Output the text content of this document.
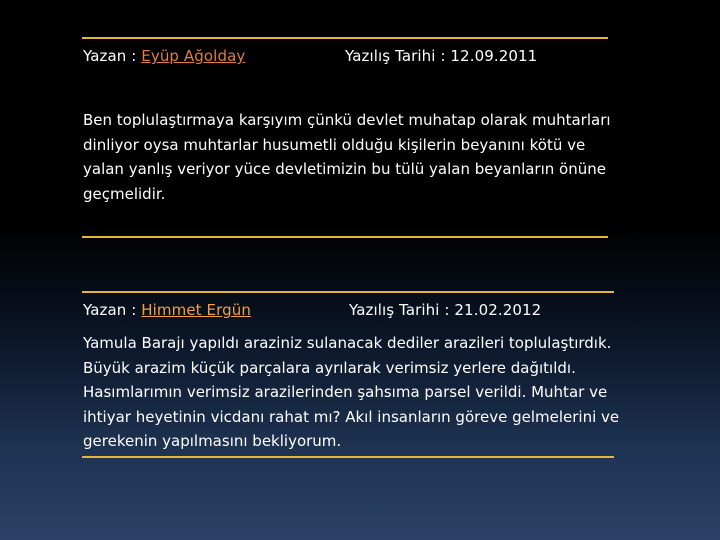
Yazan : Eyüp Ağolday	Yazılış Tarihi : 12.09.2011
Ben toplulaştırmaya karşıyım çünkü devlet muhatap olarak muhtarları
dinliyor oysa muhtarlar husumetli olduğu kişilerin beyanını kötü ve
yalan yanlış veriyor yüce devletimizin bu tülü yalan beyanların önüne
geçmelidir.
Yazan : Himmet Ergün	Yazılış Tarihi : 21.02.2012
Yamula Barajı yapıldı araziniz sulanacak dediler arazileri toplulaştırdık.
Büyük arazim küçük parçalara ayrılarak verimsiz yerlere dağıtıldı.
Hasımlarımın verimsiz arazilerinden şahsıma parsel verildi. Muhtar ve
ihtiyar heyetinin vicdanı rahat mı? Akıl insanların göreve gelmelerini ve
gerekenin yapılmasını bekliyorum.
